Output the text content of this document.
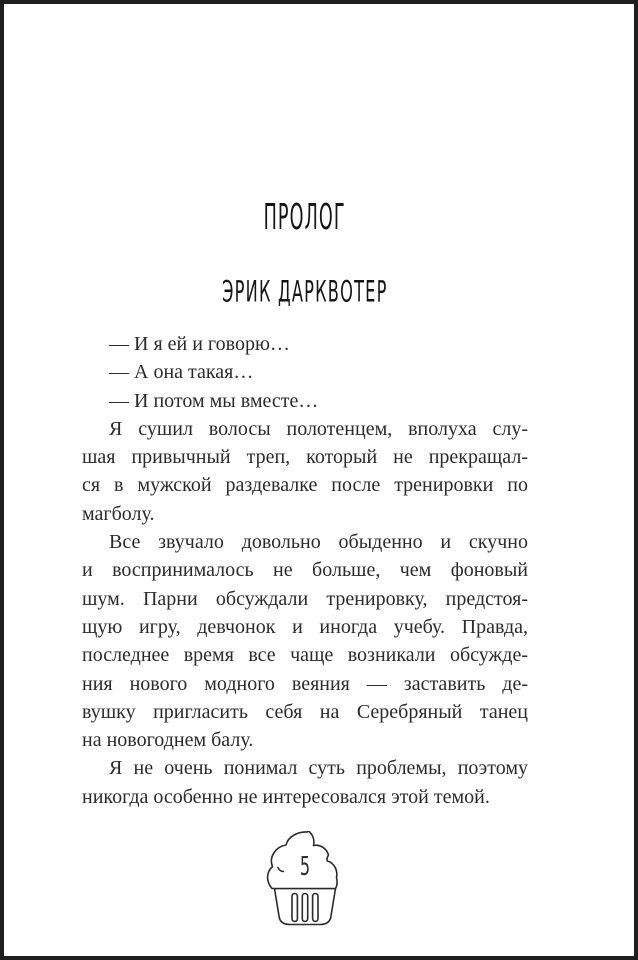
ПРОЛОГ
ЭРИК ДАРКВОТЕР
— И я ей и говорю…
— А она такая…
— И потом мы вместе…
Я сушил волосы полотенцем, вполуха слу-
шая привычный треп, который не прекращал-
ся в мужской раздевалке после тренировки по
магболу.
Все звучало довольно обыденно и скучно
и воспринималось не больше, чем фоновый
шум. Парни обсуждали тренировку, предстоя-
щую игру, девчонок и иногда учебу. Правда,
последнее время все чаще возникали обсужде-
ния нового модного веяния — заставить де-
вушку пригласить себя на Серебряный танец
на новогоднем балу.
Я не очень понимал суть проблемы, поэтому
никогда особенно не интересовался этой темой.
5
